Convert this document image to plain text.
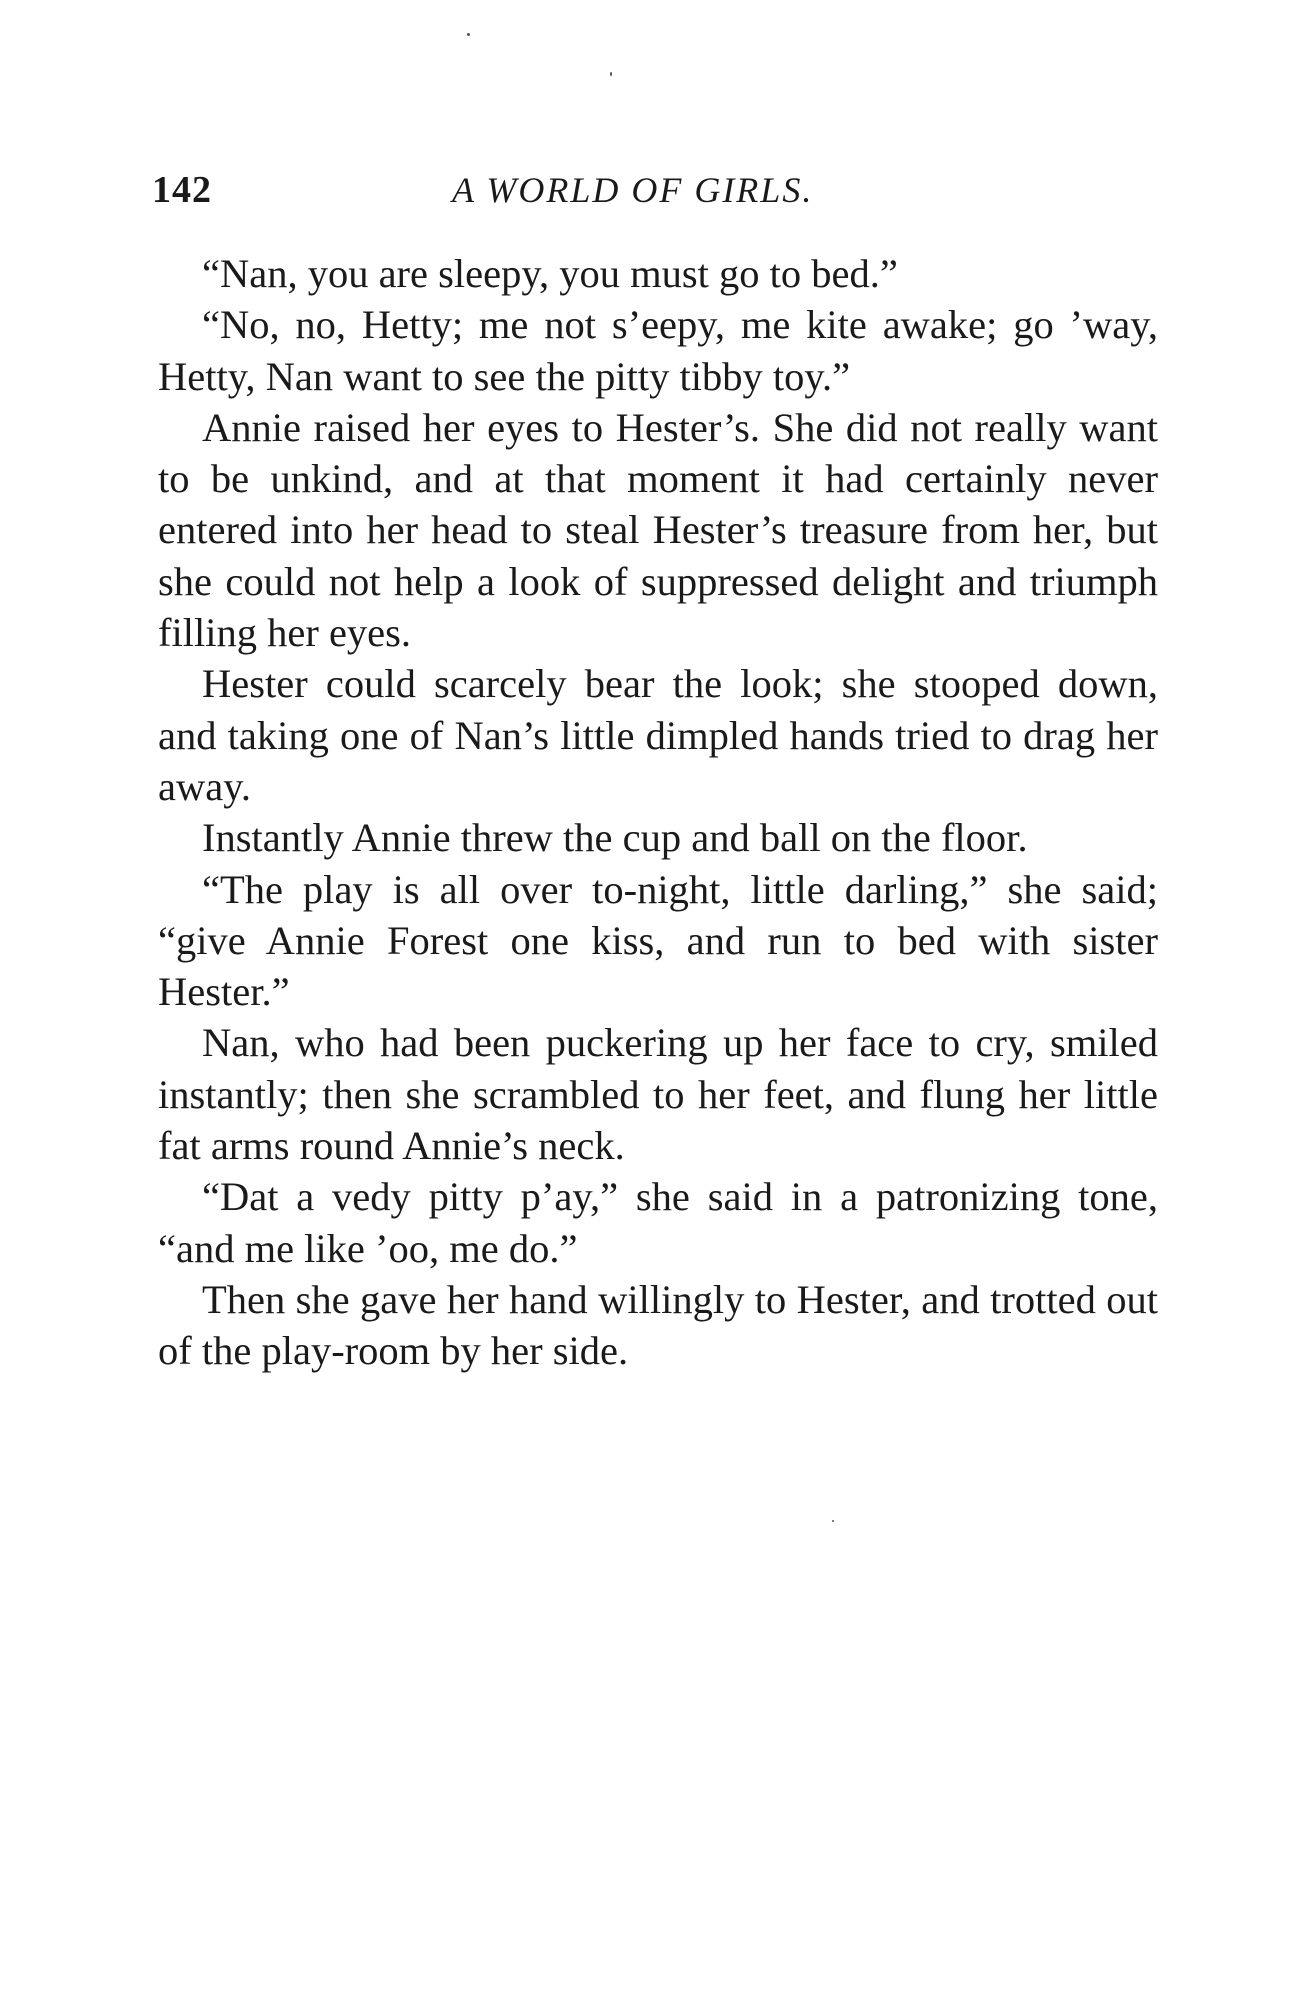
142	A WORLD OF GIRLS.

“Nan, you are sleepy, you must go to bed.”

“No, no, Hetty; me not s’eepy, me kite awake; go ’way, Hetty, Nan want to see the pitty tibby toy.”

Annie raised her eyes to Hester’s. She did not really want to be unkind, and at that moment it had certainly never entered into her head to steal Hester’s treasure from her, but she could not help a look of suppressed delight and triumph filling her eyes.

Hester could scarcely bear the look; she stooped down, and taking one of Nan’s little dimpled hands tried to drag her away.

Instantly Annie threw the cup and ball on the floor.

“The play is all over to-night, little darling,” she said; “give Annie Forest one kiss, and run to bed with sister Hester.”

Nan, who had been puckering up her face to cry, smiled instantly; then she scrambled to her feet, and flung her little fat arms round Annie’s neck.

“Dat a vedy pitty p’ay,” she said in a patronizing tone, “and me like ’oo, me do.”

Then she gave her hand willingly to Hester, and trotted out of the play-room by her side.
